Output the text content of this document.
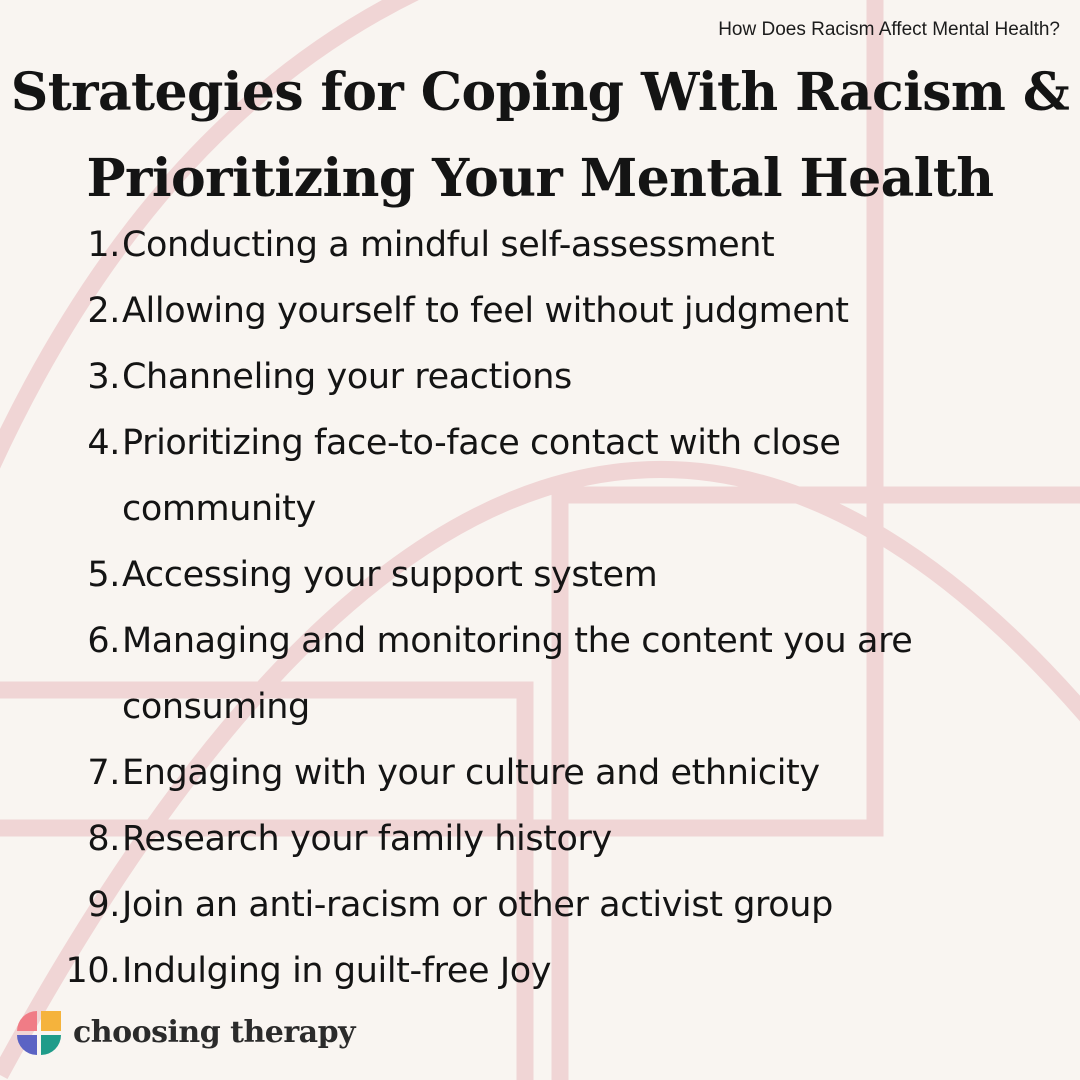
How Does Racism Affect Mental Health?
Strategies for Coping With Racism &
Prioritizing Your Mental Health
1. Conducting a mindful self-assessment
2. Allowing yourself to feel without judgment
3. Channeling your reactions
4. Prioritizing face-to-face contact with close community
5. Accessing your support system
6. Managing and monitoring the content you are consuming
7. Engaging with your culture and ethnicity
8. Research your family history
9. Join an anti-racism or other activist group
10. Indulging in guilt-free Joy
choosing therapy
